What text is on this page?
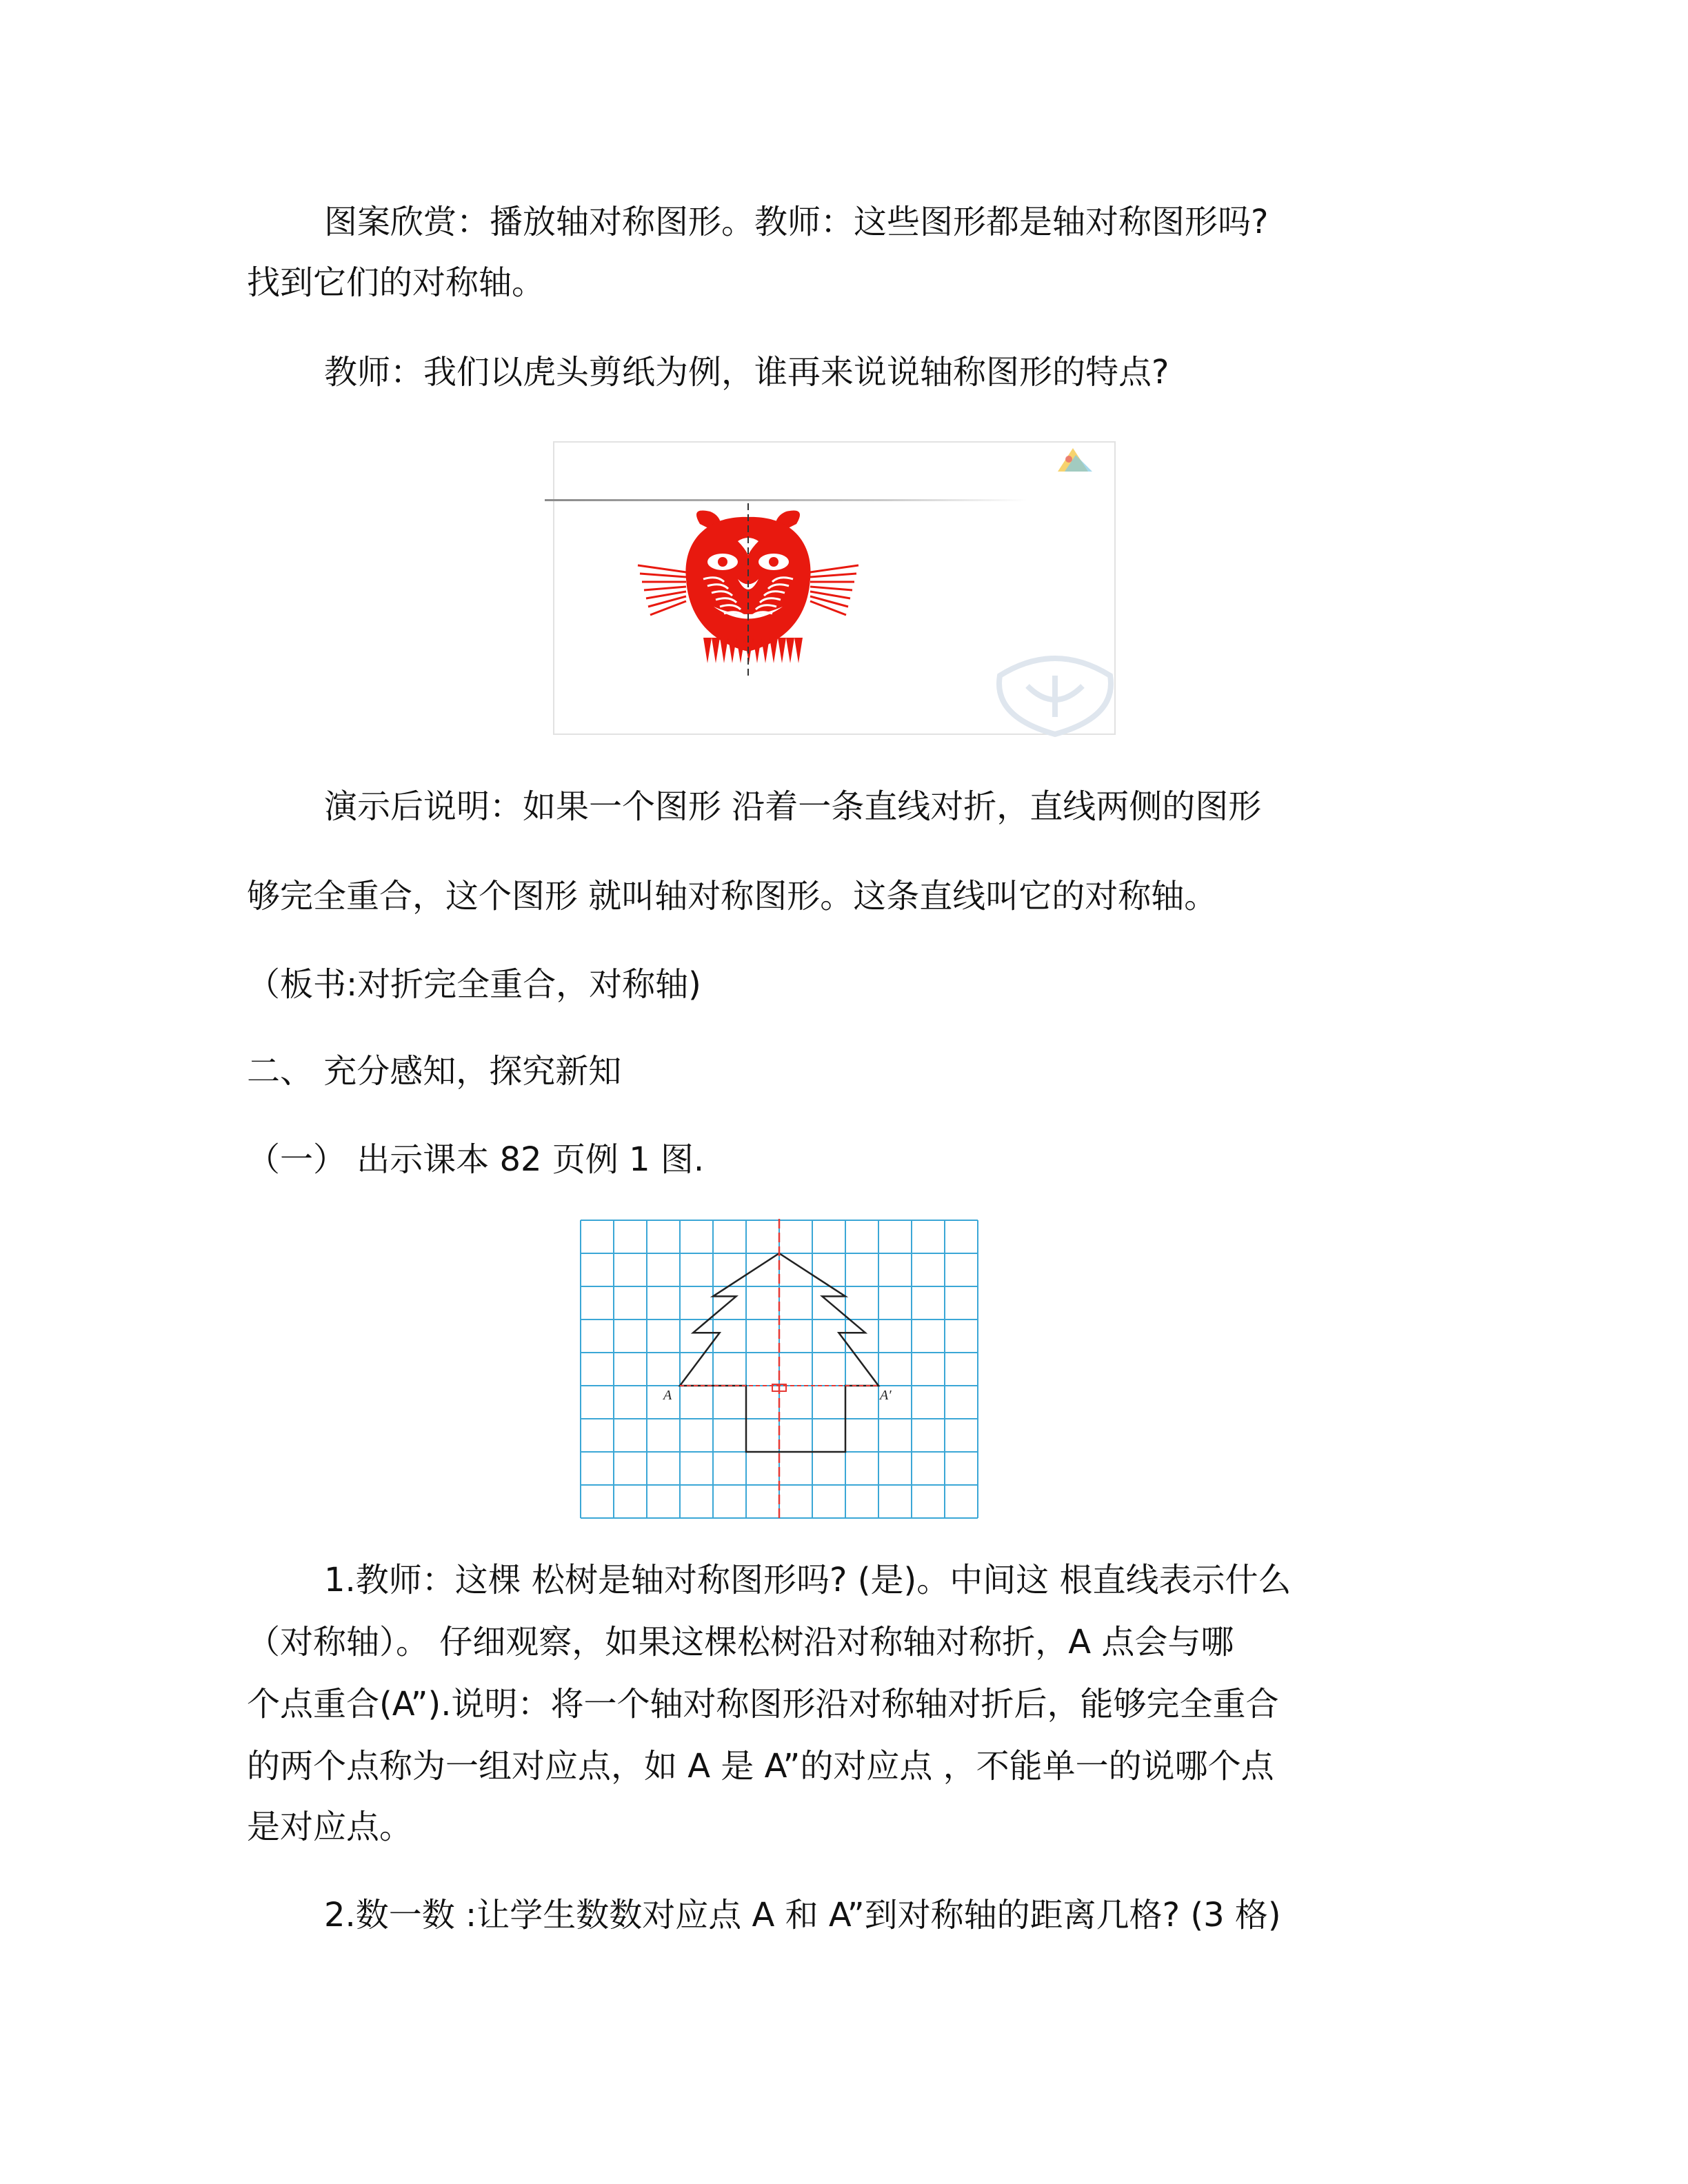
图案欣赏：播放轴对称图形。教师：这些图形都是轴对称图形吗?
找到它们的对称轴。
教师：我们以虎头剪纸为例，谁再来说说轴称图形的特点?
演示后说明：如果一个图形 沿着一条直线对折，直线两侧的图形
够完全重合，这个图形 就叫轴对称图形。这条直线叫它的对称轴。
（板书:对折完全重合，对称轴)
二、 充分感知，探究新知
（一） 出示课本 82 页例 1 图.
A	A′
1.教师：这棵 松树是轴对称图形吗? (是)。中间这 根直线表示什么
（对称轴）。 仔细观察，如果这棵松树沿对称轴对称折，A 点会与哪
个点重合(A”).说明：将一个轴对称图形沿对称轴对折后，能够完全重合
的两个点称为一组对应点，如 A 是 A”的对应点 ，不能单一的说哪个点
是对应点。
2.数一数 :让学生数数对应点 A 和 A”到对称轴的距离几格? (3 格)
